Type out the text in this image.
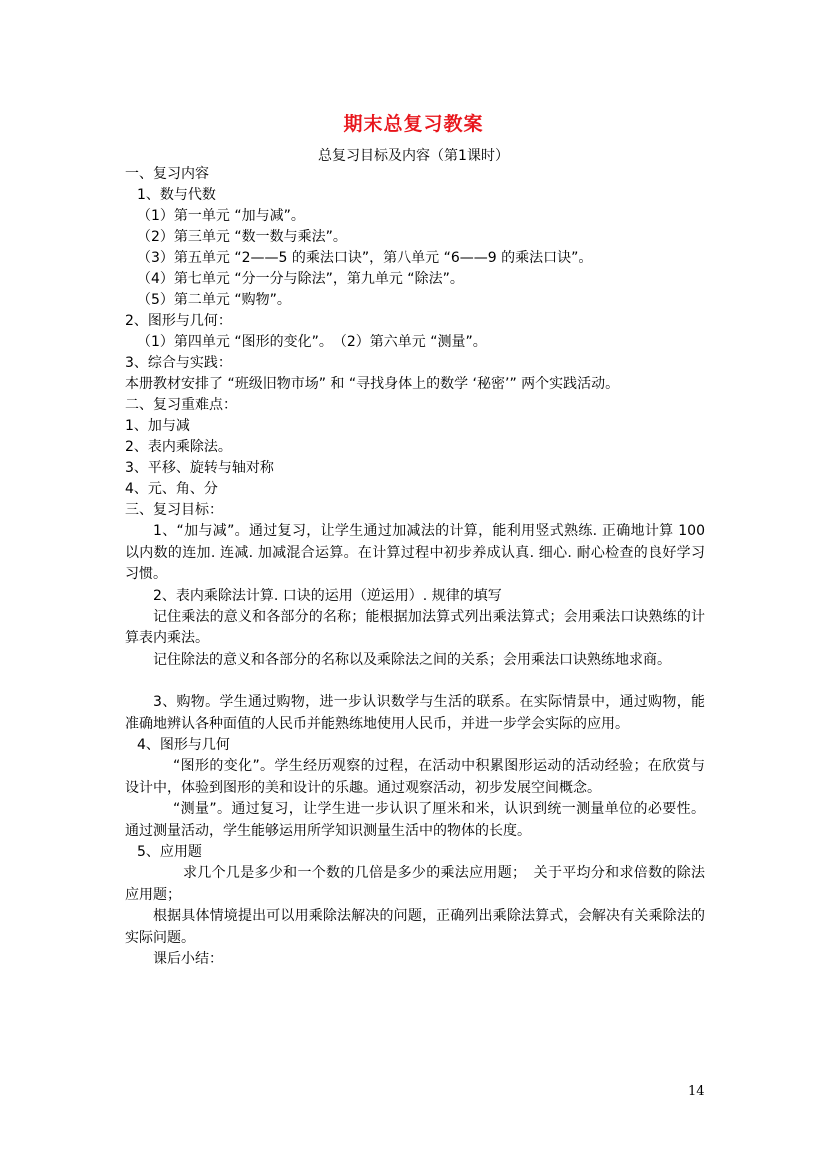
期末总复习教案
总复习目标及内容（第1课时）
一、复习内容
1、数与代数
（1）第一单元 “加与减”。
（2）第三单元 “数一数与乘法”。
（3）第五单元 “2——5 的乘法口诀”，第八单元 “6——9 的乘法口诀”。
（4）第七单元 “分一分与除法”，第九单元 “除法”。
（5）第二单元 “购物”。
2、图形与几何：
（1）第四单元 “图形的变化”。　（2）第六单元 “测量”。
3、综合与实践：
本册教材安排了 “班级旧物市场” 和 “寻找身体上的数学 ‘秘密’” 两个实践活动。
二、复习重难点：
1、加与减
2、表内乘除法。
3、平移、旋转与轴对称
4、元、角、分
三、复习目标：
1、“加与减”。通过复习，让学生通过加减法的计算，能利用竖式熟练. 正确地计算 100 以内数的连加. 连减. 加减混合运算。在计算过程中初步养成认真. 细心. 耐心检查的良好学习习惯。
2、表内乘除法计算. 口诀的运用（逆运用）. 规律的填写
记住乘法的意义和各部分的名称；能根据加法算式列出乘法算式；会用乘法口诀熟练的计算表内乘法。
记住除法的意义和各部分的名称以及乘除法之间的关系；会用乘法口诀熟练地求商。
3、购物。学生通过购物，进一步认识数学与生活的联系。在实际情景中，通过购物，能准确地辨认各种面值的人民币并能熟练地使用人民币，并进一步学会实际的应用。
4、图形与几何
“图形的变化”。学生经历观察的过程，在活动中积累图形运动的活动经验；在欣赏与设计中，体验到图形的美和设计的乐趣。通过观察活动，初步发展空间概念。
“测量”。通过复习，让学生进一步认识了厘米和米，认识到统一测量单位的必要性。通过测量活动，学生能够运用所学知识测量生活中的物体的长度。
5、应用题
求几个几是多少和一个数的几倍是多少的乘法应用题；　关于平均分和求倍数的除法应用题；
根据具体情境提出可以用乘除法解决的问题，正确列出乘除法算式，会解决有关乘除法的实际问题。
课后小结：
14
